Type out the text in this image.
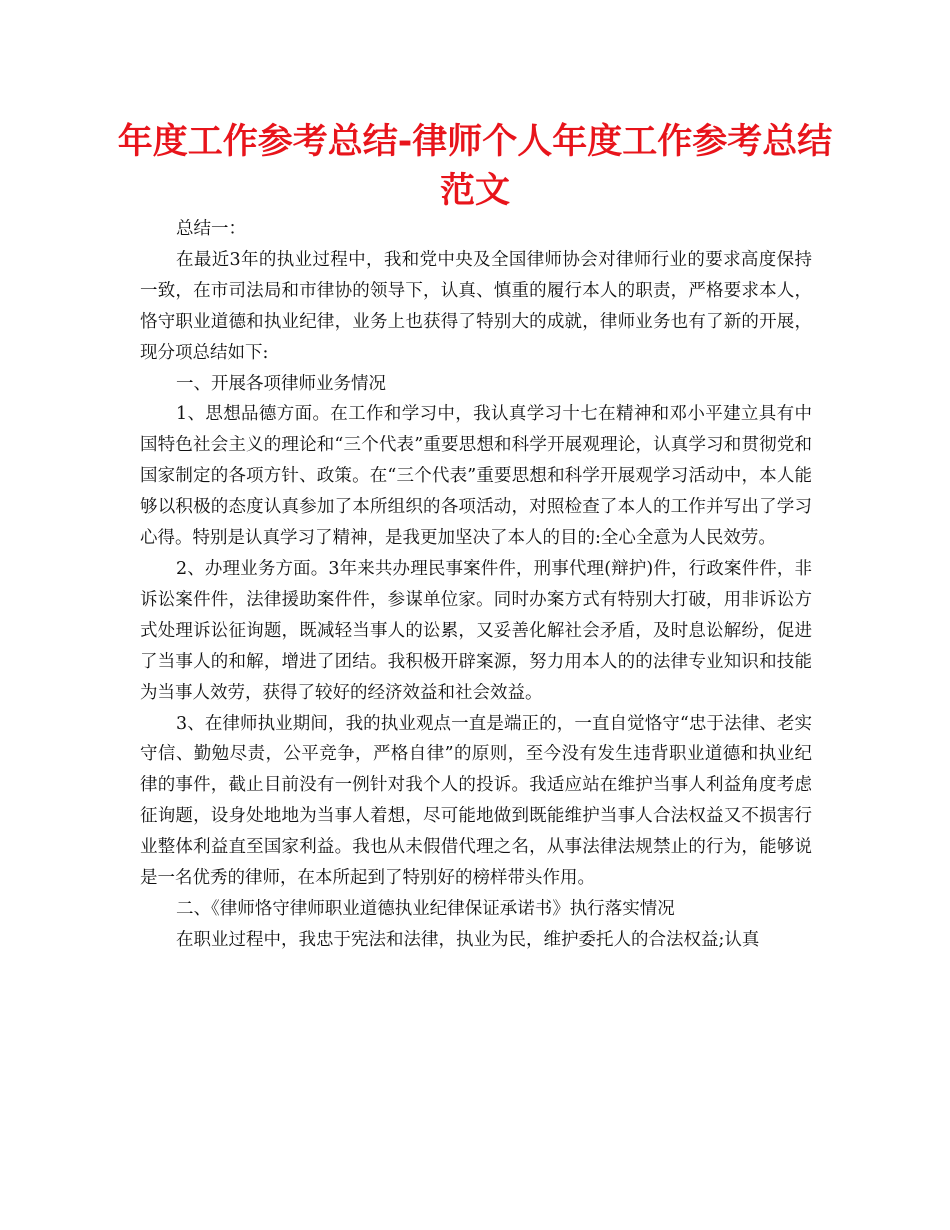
年度工作参考总结-律师个人年度工作参考总结范文

总结一：

在最近3年的执业过程中，我和党中央及全国律师协会对律师行业的要求高度保持一致，在市司法局和市律协的领导下，认真、慎重的履行本人的职责，严格要求本人，恪守职业道德和执业纪律，业务上也获得了特别大的成就，律师业务也有了新的开展，现分项总结如下:

一、开展各项律师业务情况

1、思想品德方面。在工作和学习中，我认真学习十七在精神和邓小平建立具有中国特色社会主义的理论和“三个代表”重要思想和科学开展观理论，认真学习和贯彻党和国家制定的各项方针、政策。在“三个代表”重要思想和科学开展观学习活动中，本人能够以积极的态度认真参加了本所组织的各项活动，对照检查了本人的工作并写出了学习心得。特别是认真学习了精神，是我更加坚决了本人的目的:全心全意为人民效劳。

2、办理业务方面。3年来共办理民事案件件，刑事代理(辩护)件，行政案件件，非诉讼案件件，法律援助案件件，参谋单位家。同时办案方式有特别大打破，用非诉讼方式处理诉讼征询题，既减轻当事人的讼累，又妥善化解社会矛盾，及时息讼解纷，促进了当事人的和解，增进了团结。我积极开辟案源，努力用本人的的法律专业知识和技能为当事人效劳，获得了较好的经济效益和社会效益。

3、在律师执业期间，我的执业观点一直是端正的，一直自觉恪守“忠于法律、老实守信、勤勉尽责，公平竞争，严格自律”的原则，至今没有发生违背职业道德和执业纪律的事件，截止目前没有一例针对我个人的投诉。我适应站在维护当事人利益角度考虑征询题，设身处地地为当事人着想，尽可能地做到既能维护当事人合法权益又不损害行业整体利益直至国家利益。我也从未假借代理之名，从事法律法规禁止的行为，能够说是一名优秀的律师，在本所起到了特别好的榜样带头作用。

二、《律师恪守律师职业道德执业纪律保证承诺书》执行落实情况

在职业过程中，我忠于宪法和法律，执业为民，维护委托人的合法权益;认真
